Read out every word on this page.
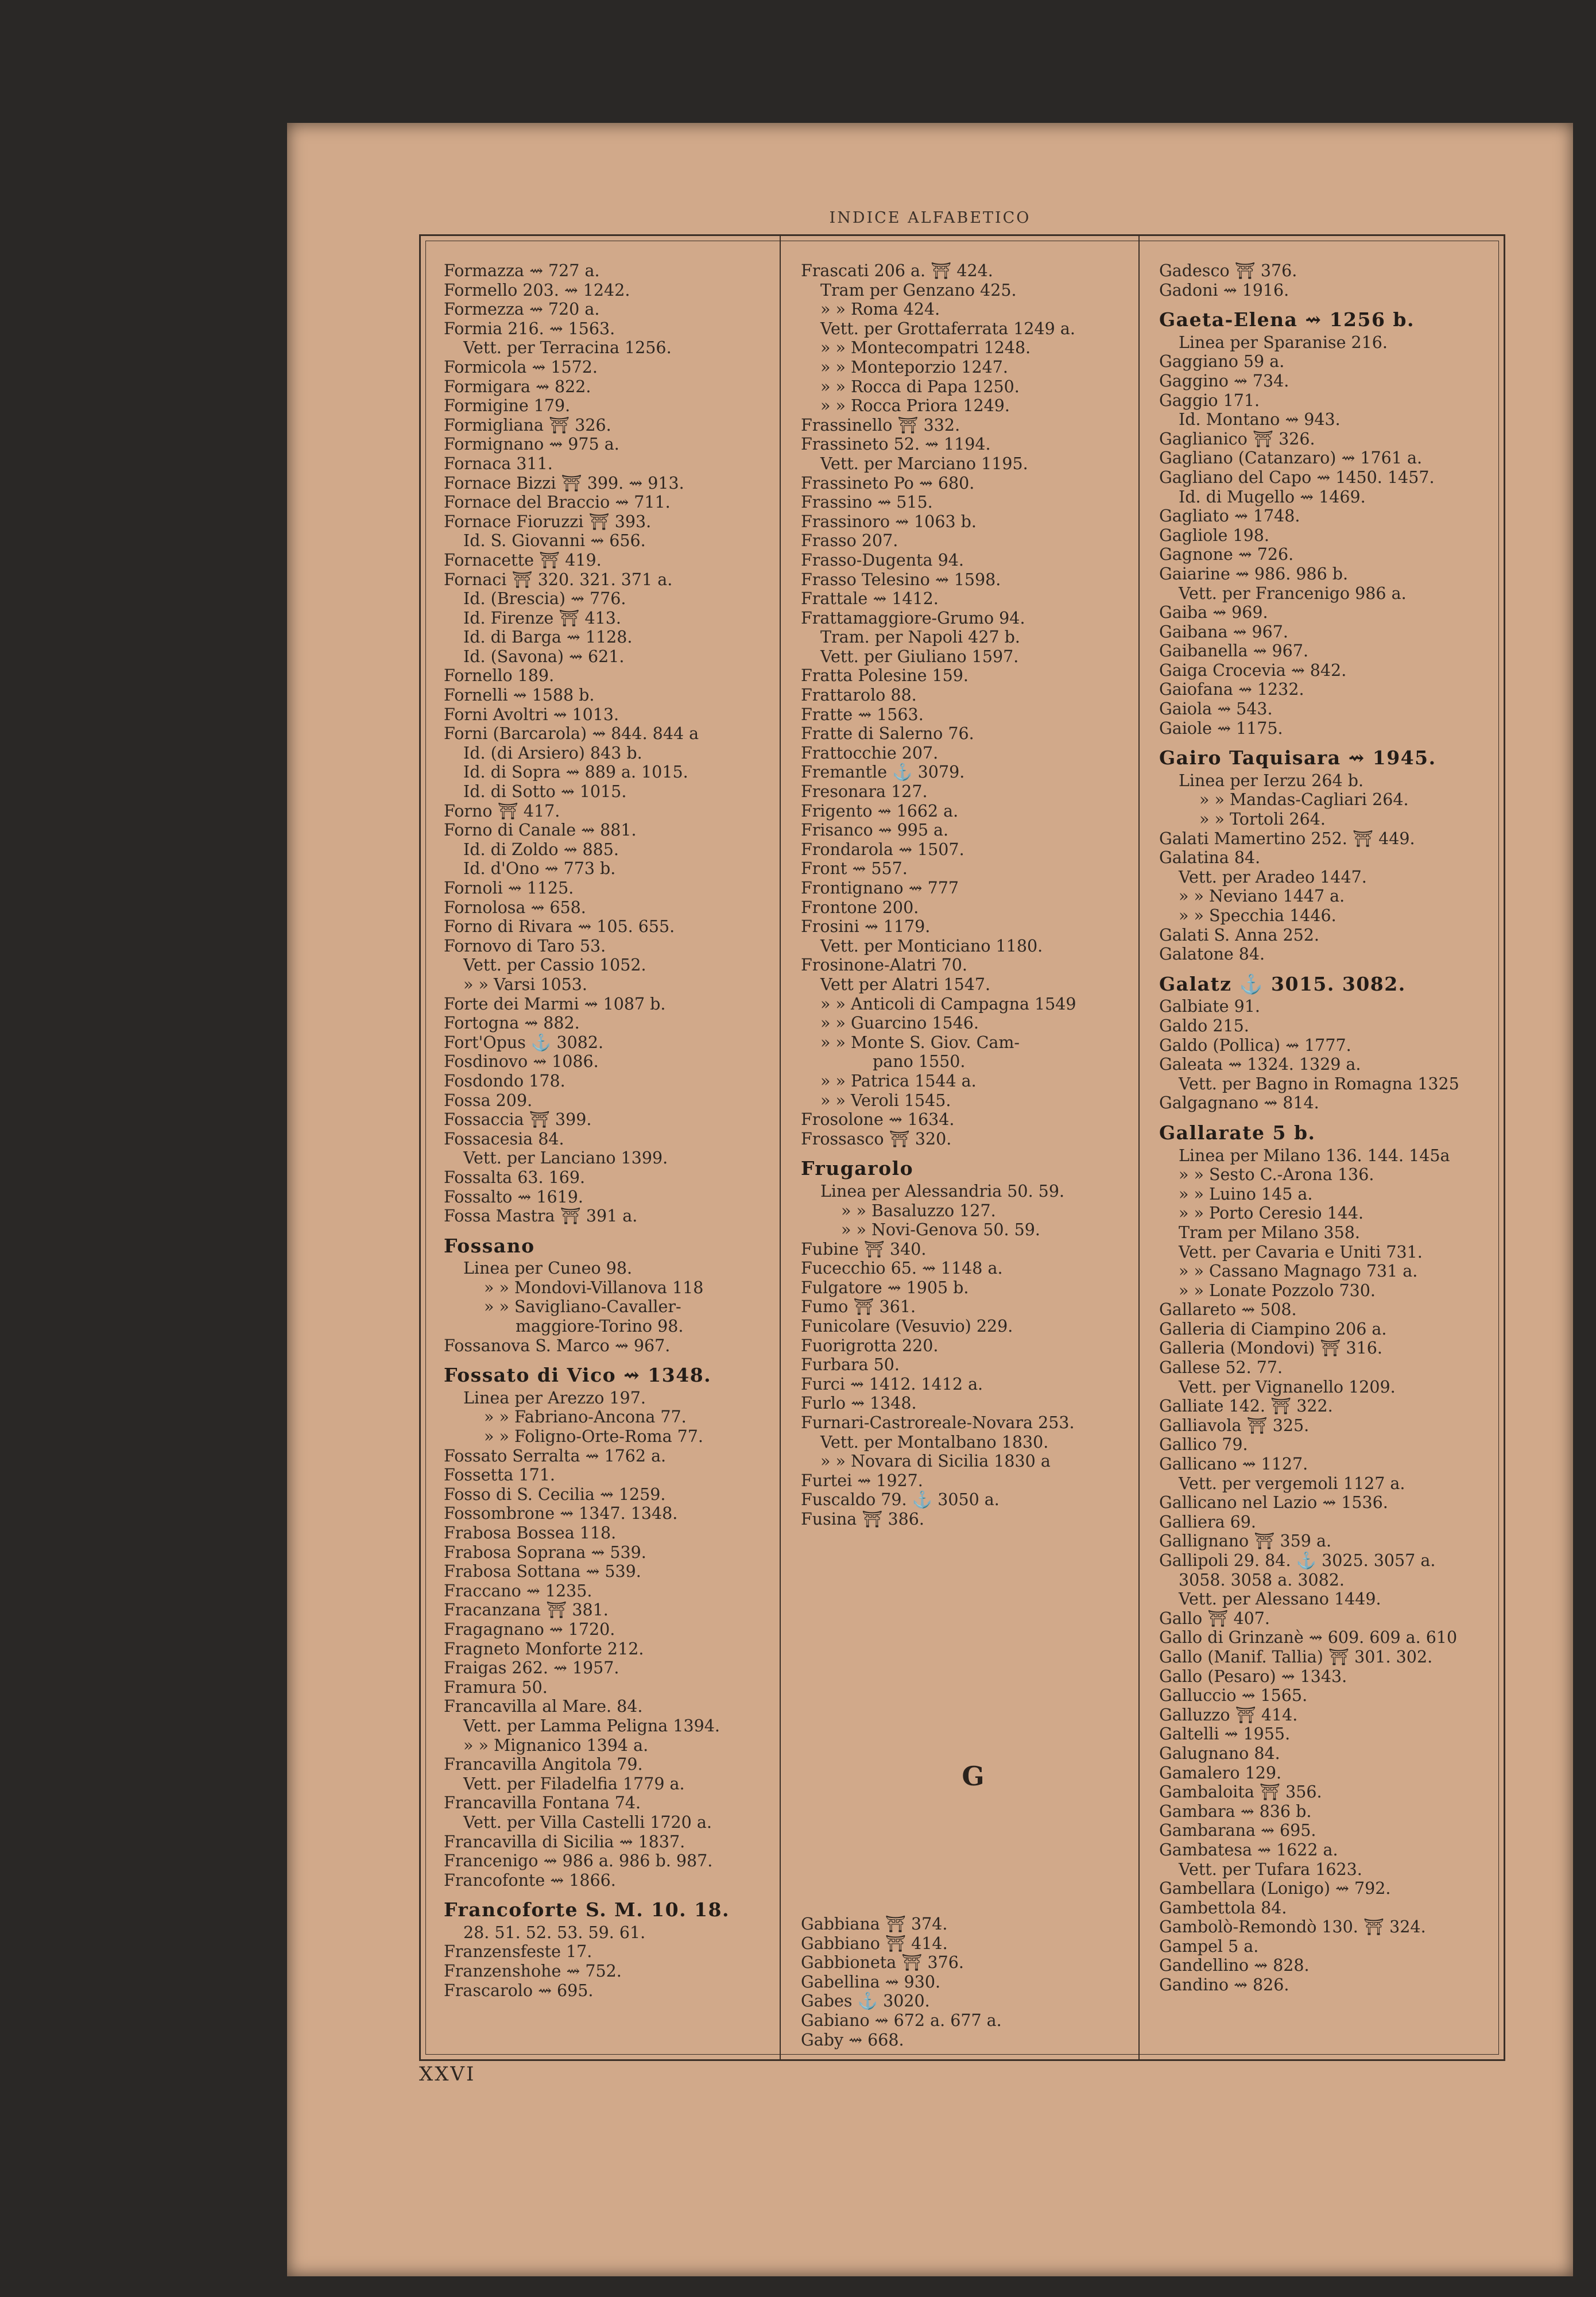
INDICE ALFABETICO
Formazza ⇝ 727 a.
Formello 203. ⇝ 1242.
Formezza ⇝ 720 a.
Formia 216. ⇝ 1563.
Vett. per Terracina 1256.
Formicola ⇝ 1572.
Formigara ⇝ 822.
Formigine 179.
Formigliana ⛩ 326.
Formignano ⇝ 975 a.
Fornaca 311.
Fornace Bizzi ⛩ 399. ⇝ 913.
Fornace del Braccio ⇝ 711.
Fornace Fioruzzi ⛩ 393.
Id. S. Giovanni ⇝ 656.
Fornacette ⛩ 419.
Fornaci ⛩ 320. 321. 371 a.
Id. (Brescia) ⇝ 776.
Id. Firenze ⛩ 413.
Id. di Barga ⇝ 1128.
Id. (Savona) ⇝ 621.
Fornello 189.
Fornelli ⇝ 1588 b.
Forni Avoltri ⇝ 1013.
Forni (Barcarola) ⇝ 844. 844 a
Id. (di Arsiero) 843 b.
Id. di Sopra ⇝ 889 a. 1015.
Id. di Sotto ⇝ 1015.
Forno ⛩ 417.
Forno di Canale ⇝ 881.
Id. di Zoldo ⇝ 885.
Id. d'Ono ⇝ 773 b.
Fornoli ⇝ 1125.
Fornolosa ⇝ 658.
Forno di Rivara ⇝ 105. 655.
Fornovo di Taro 53.
Vett. per Cassio 1052.
» » Varsi 1053.
Forte dei Marmi ⇝ 1087 b.
Fortogna ⇝ 882.
Fort'Opus ⚓ 3082.
Fosdinovo ⇝ 1086.
Fosdondo 178.
Fossa 209.
Fossaccia ⛩ 399.
Fossacesia 84.
Vett. per Lanciano 1399.
Fossalta 63. 169.
Fossalto ⇝ 1619.
Fossa Mastra ⛩ 391 a.
Fossano
Linea per Cuneo 98.
» » Mondovi-Villanova 118
» » Savigliano-Cavaller-
maggiore-Torino 98.
Fossanova S. Marco ⇝ 967.
Fossato di Vico ⇝ 1348.
Linea per Arezzo 197.
» » Fabriano-Ancona 77.
» » Foligno-Orte-Roma 77.
Fossato Serralta ⇝ 1762 a.
Fossetta 171.
Fosso di S. Cecilia ⇝ 1259.
Fossombrone ⇝ 1347. 1348.
Frabosa Bossea 118.
Frabosa Soprana ⇝ 539.
Frabosa Sottana ⇝ 539.
Fraccano ⇝ 1235.
Fracanzana ⛩ 381.
Fragagnano ⇝ 1720.
Fragneto Monforte 212.
Fraigas 262. ⇝ 1957.
Framura 50.
Francavilla al Mare. 84.
Vett. per Lamma Peligna 1394.
» » Mignanico 1394 a.
Francavilla Angitola 79.
Vett. per Filadelfia 1779 a.
Francavilla Fontana 74.
Vett. per Villa Castelli 1720 a.
Francavilla di Sicilia ⇝ 1837.
Francenigo ⇝ 986 a. 986 b. 987.
Francofonte ⇝ 1866.
Francoforte S. M. 10. 18.
28. 51. 52. 53. 59. 61.
Franzensfeste 17.
Franzenshohe ⇝ 752.
Frascarolo ⇝ 695.
Frascati 206 a. ⛩ 424.
Tram per Genzano 425.
» » Roma 424.
Vett. per Grottaferrata 1249 a.
» » Montecompatri 1248.
» » Monteporzio 1247.
» » Rocca di Papa 1250.
» » Rocca Priora 1249.
Frassinello ⛩ 332.
Frassineto 52. ⇝ 1194.
Vett. per Marciano 1195.
Frassineto Po ⇝ 680.
Frassino ⇝ 515.
Frassinoro ⇝ 1063 b.
Frasso 207.
Frasso-Dugenta 94.
Frasso Telesino ⇝ 1598.
Frattale ⇝ 1412.
Frattamaggiore-Grumo 94.
Tram. per Napoli 427 b.
Vett. per Giuliano 1597.
Fratta Polesine 159.
Frattarolo 88.
Fratte ⇝ 1563.
Fratte di Salerno 76.
Frattocchie 207.
Fremantle ⚓ 3079.
Fresonara 127.
Frigento ⇝ 1662 a.
Frisanco ⇝ 995 a.
Frondarola ⇝ 1507.
Front ⇝ 557.
Frontignano ⇝ 777
Frontone 200.
Frosini ⇝ 1179.
Vett. per Monticiano 1180.
Frosinone-Alatri 70.
Vett per Alatri 1547.
» » Anticoli di Campagna 1549
» » Guarcino 1546.
» » Monte S. Giov. Cam-
pano 1550.
» » Patrica 1544 a.
» » Veroli 1545.
Frosolone ⇝ 1634.
Frossasco ⛩ 320.
Frugarolo
Linea per Alessandria 50. 59.
» » Basaluzzo 127.
» » Novi-Genova 50. 59.
Fubine ⛩ 340.
Fucecchio 65. ⇝ 1148 a.
Fulgatore ⇝ 1905 b.
Fumo ⛩ 361.
Funicolare (Vesuvio) 229.
Fuorigrotta 220.
Furbara 50.
Furci ⇝ 1412. 1412 a.
Furlo ⇝ 1348.
Furnari-Castroreale-Novara 253.
Vett. per Montalbano 1830.
» » Novara di Sicilia 1830 a
Furtei ⇝ 1927.
Fuscaldo 79. ⚓ 3050 a.
Fusina ⛩ 386.
Gadesco ⛩ 376.
Gadoni ⇝ 1916.
Gaeta-Elena ⇝ 1256 b.
Linea per Sparanise 216.
Gaggiano 59 a.
Gaggino ⇝ 734.
Gaggio 171.
Id. Montano ⇝ 943.
Gaglianico ⛩ 326.
Gagliano (Catanzaro) ⇝ 1761 a.
Gagliano del Capo ⇝ 1450. 1457.
Id. di Mugello ⇝ 1469.
Gagliato ⇝ 1748.
Gagliole 198.
Gagnone ⇝ 726.
Gaiarine ⇝ 986. 986 b.
Vett. per Francenigo 986 a.
Gaiba ⇝ 969.
Gaibana ⇝ 967.
Gaibanella ⇝ 967.
Gaiga Crocevia ⇝ 842.
Gaiofana ⇝ 1232.
Gaiola ⇝ 543.
Gaiole ⇝ 1175.
Gairo Taquisara ⇝ 1945.
Linea per Ierzu 264 b.
» » Mandas-Cagliari 264.
» » Tortoli 264.
Galati Mamertino 252. ⛩ 449.
Galatina 84.
Vett. per Aradeo 1447.
» » Neviano 1447 a.
» » Specchia 1446.
Galati S. Anna 252.
Galatone 84.
Galatz ⚓ 3015. 3082.
Galbiate 91.
Galdo 215.
Galdo (Pollica) ⇝ 1777.
Galeata ⇝ 1324. 1329 a.
Vett. per Bagno in Romagna 1325
Galgagnano ⇝ 814.
Gallarate 5 b.
Linea per Milano 136. 144. 145a
» » Sesto C.-Arona 136.
» » Luino 145 a.
» » Porto Ceresio 144.
Tram per Milano 358.
Vett. per Cavaria e Uniti 731.
» » Cassano Magnago 731 a.
» » Lonate Pozzolo 730.
Gallareto ⇝ 508.
Galleria di Ciampino 206 a.
Galleria (Mondovi) ⛩ 316.
Gallese 52. 77.
Vett. per Vignanello 1209.
Galliate 142. ⛩ 322.
Galliavola ⛩ 325.
Gallico 79.
Gallicano ⇝ 1127.
Vett. per vergemoli 1127 a.
Gallicano nel Lazio ⇝ 1536.
Galliera 69.
Gallignano ⛩ 359 a.
Gallipoli 29. 84. ⚓ 3025. 3057 a.
3058. 3058 a. 3082.
Vett. per Alessano 1449.
Gallo ⛩ 407.
Gallo di Grinzanè ⇝ 609. 609 a. 610
Gallo (Manif. Tallia) ⛩ 301. 302.
Gallo (Pesaro) ⇝ 1343.
Galluccio ⇝ 1565.
Galluzzo ⛩ 414.
Galtelli ⇝ 1955.
Galugnano 84.
Gamalero 129.
Gambaloita ⛩ 356.
Gambara ⇝ 836 b.
Gambarana ⇝ 695.
Gambatesa ⇝ 1622 a.
Vett. per Tufara 1623.
Gambellara (Lonigo) ⇝ 792.
Gambettola 84.
Gambolò-Remondò 130. ⛩ 324.
Gampel 5 a.
Gandellino ⇝ 828.
Gandino ⇝ 826.
G
Gabbiana ⛩ 374.
Gabbiano ⛩ 414.
Gabbioneta ⛩ 376.
Gabellina ⇝ 930.
Gabes ⚓ 3020.
Gabiano ⇝ 672 a. 677 a.
Gaby ⇝ 668.
XXVI
